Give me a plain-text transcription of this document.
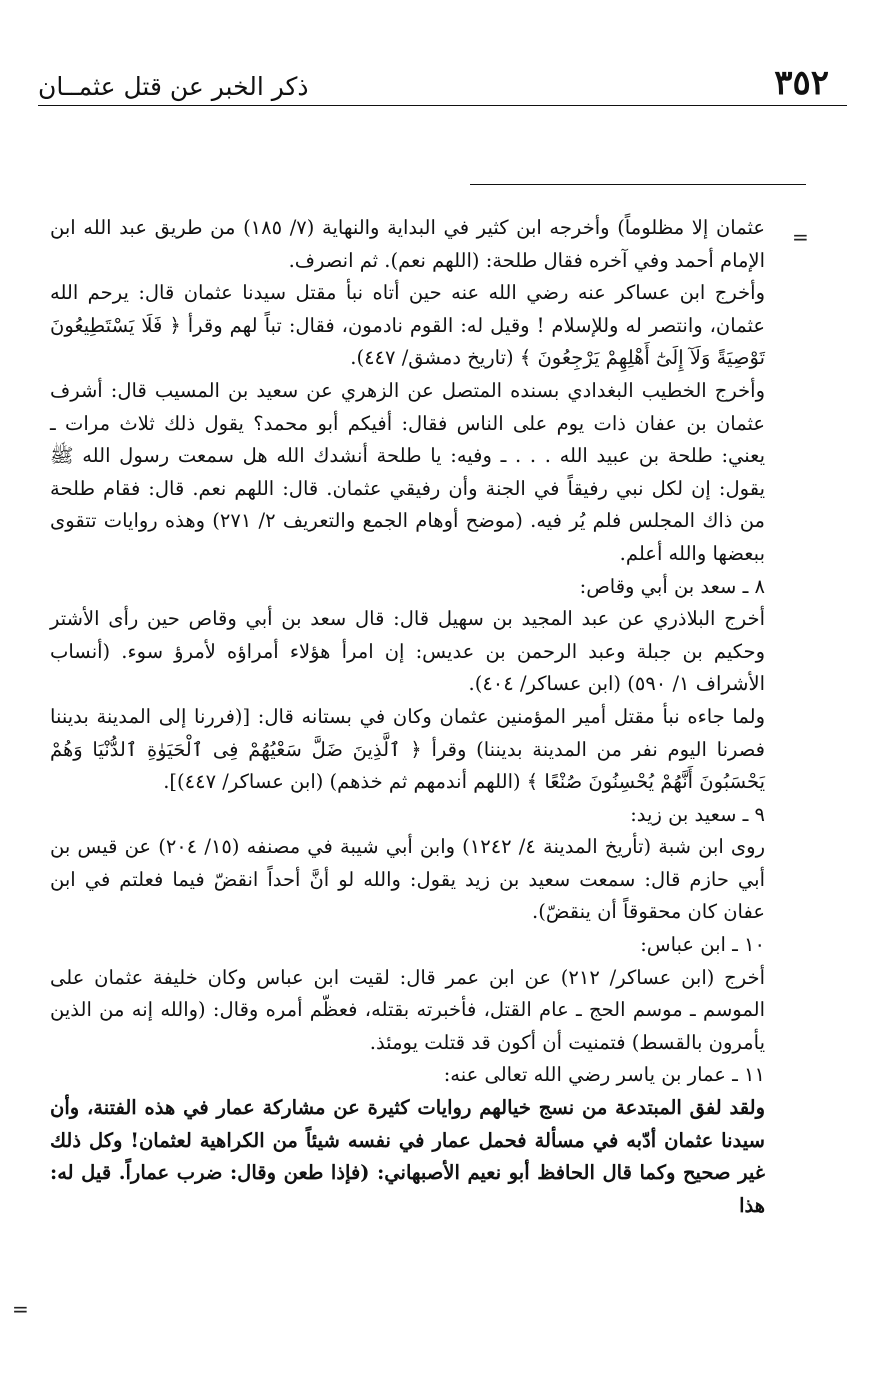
٣٥٢
ذكر الخبر عن قتل عثمــان
=
=

عثمان إلا مظلوماً) وأخرجه ابن كثير في البداية والنهاية (٧/ ١٨٥) من طريق عبد الله ابن الإمام أحمد وفي آخره فقال طلحة: (اللهم نعم). ثم انصرف.

وأخرج ابن عساكر عنه رضي الله عنه حين أتاه نبأ مقتل سيدنا عثمان قال: يرحم الله عثمان، وانتصر له وللإسلام ! وقيل له: القوم نادمون، فقال: تباً لهم وقرأ ﴿ فَلَا يَسْتَطِيعُونَ تَوْصِيَةً وَلَآ إِلَىٰٓ أَهْلِهِمْ يَرْجِعُونَ ﴾ (تاريخ دمشق/ ٤٤٧).

وأخرج الخطيب البغدادي بسنده المتصل عن الزهري عن سعيد بن المسيب قال: أشرف عثمان بن عفان ذات يوم على الناس فقال: أفيكم أبو محمد؟ يقول ذلك ثلاث مرات ـ يعني: طلحة بن عبيد الله . . . ـ وفيه: يا طلحة أنشدك الله هل سمعت رسول الله ﷺ يقول: إن لكل نبي رفيقاً في الجنة وأن رفيقي عثمان. قال: اللهم نعم. قال: فقام طلحة من ذاك المجلس فلم يُر فيه. (موضح أوهام الجمع والتعريف ٢/ ٢٧١) وهذه روايات تتقوى ببعضها والله أعلم.

٨ ـ سعد بن أبي وقاص:

أخرج البلاذري عن عبد المجيد بن سهيل قال: قال سعد بن أبي وقاص حين رأى الأشتر وحكيم بن جبلة وعبد الرحمن بن عديس: إن امرأ هؤلاء أمراؤه لأمرؤ سوء. (أنساب الأشراف ١/ ٥٩٠) (ابن عساكر/ ٤٠٤).

ولما جاءه نبأ مقتل أمير المؤمنين عثمان وكان في بستانه قال: [(فررنا إلى المدينة بديننا فصرنا اليوم نفر من المدينة بديننا) وقرأ ﴿ ٱلَّذِينَ ضَلَّ سَعْيُهُمْ فِى ٱلْحَيَوٰةِ ٱلدُّنْيَا وَهُمْ يَحْسَبُونَ أَنَّهُمْ يُحْسِنُونَ صُنْعًا ﴾ (اللهم أندمهم ثم خذهم) (ابن عساكر/ ٤٤٧)].

٩ ـ سعيد بن زيد:

روى ابن شبة (تأريخ المدينة ٤/ ١٢٤٢) وابن أبي شيبة في مصنفه (١٥/ ٢٠٤) عن قيس بن أبي حازم قال: سمعت سعيد بن زيد يقول: والله لو أنَّ أحداً انقضّ فيما فعلتم في ابن عفان كان محقوقاً أن ينقضّ).

١٠ ـ ابن عباس:

أخرج (ابن عساكر/ ٢١٢) عن ابن عمر قال: لقيت ابن عباس وكان خليفة عثمان على الموسم ـ موسم الحج ـ عام القتل، فأخبرته بقتله، فعظّم أمره وقال: (والله إنه من الذين يأمرون بالقسط) فتمنيت أن أكون قد قتلت يومئذ.

١١ ـ عمار بن ياسر رضي الله تعالى عنه:

ولقد لفق المبتدعة من نسج خيالهم روايات كثيرة عن مشاركة عمار في هذه الفتنة، وأن سيدنا عثمان أدّبه في مسألة فحمل عمار في نفسه شيئاً من الكراهية لعثمان! وكل ذلك غير صحيح وكما قال الحافظ أبو نعيم الأصبهاني: (فإذا طعن وقال: ضرب عماراً. قيل له: هذا
